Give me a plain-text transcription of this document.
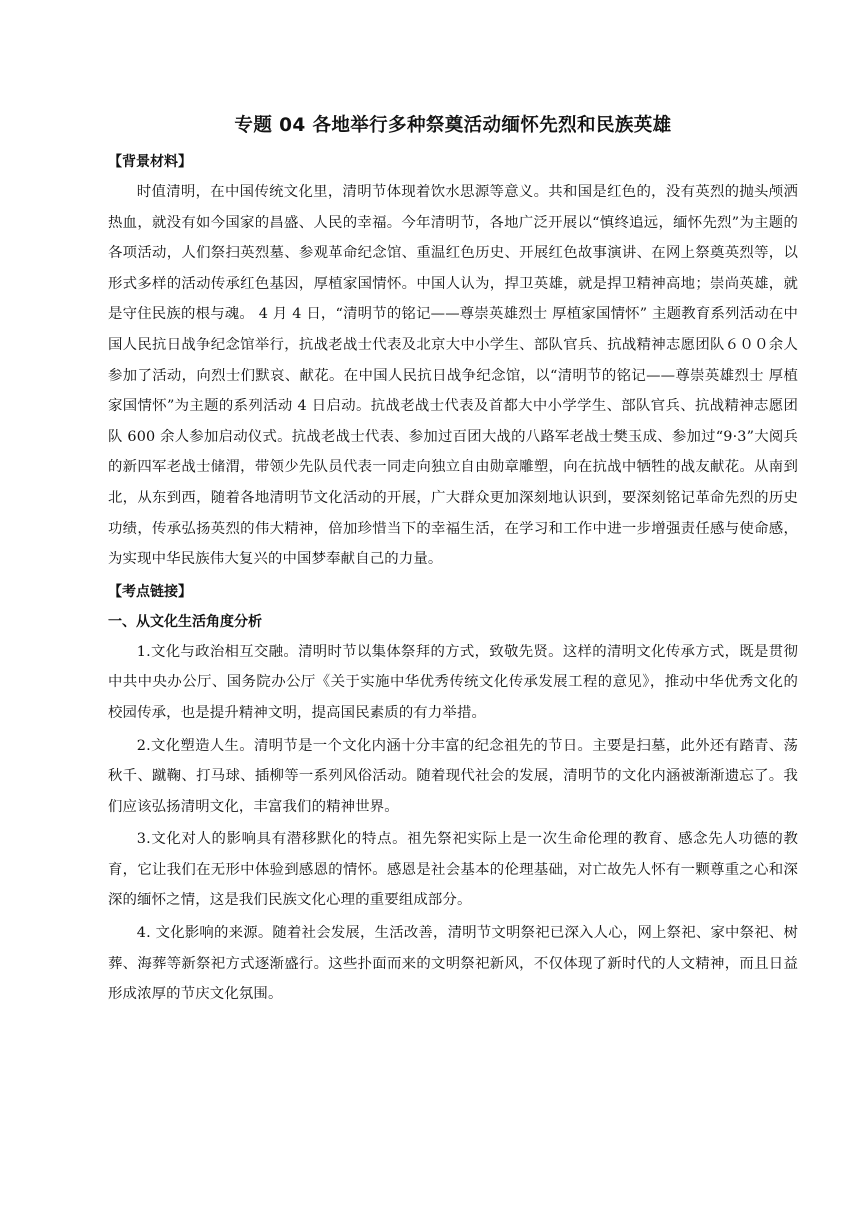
专题 04 各地举行多种祭奠活动缅怀先烈和民族英雄

【背景材料】

时值清明，在中国传统文化里，清明节体现着饮水思源等意义。共和国是红色的，没有英烈的抛头颅洒热血，就没有如今国家的昌盛、人民的幸福。今年清明节，各地广泛开展以“慎终追远，缅怀先烈”为主题的各项活动，人们祭扫英烈墓、参观革命纪念馆、重温红色历史、开展红色故事演讲、在网上祭奠英烈等，以形式多样的活动传承红色基因，厚植家国情怀。中国人认为，捍卫英雄，就是捍卫精神高地；崇尚英雄，就是守住民族的根与魂。 4 月 4 日，“清明节的铭记——尊崇英雄烈士 厚植家国情怀” 主题教育系列活动在中国人民抗日战争纪念馆举行，抗战老战士代表及北京大中小学生、部队官兵、抗战精神志愿团队６００余人参加了活动，向烈士们默哀、献花。在中国人民抗日战争纪念馆，以“清明节的铭记——尊崇英雄烈士 厚植家国情怀”为主题的系列活动 4 日启动。抗战老战士代表及首都大中小学学生、部队官兵、抗战精神志愿团队 600 余人参加启动仪式。抗战老战士代表、参加过百团大战的八路军老战士樊玉成、参加过“9·3”大阅兵的新四军老战士储渭，带领少先队员代表一同走向独立自由勋章雕塑，向在抗战中牺牲的战友献花。从南到北，从东到西，随着各地清明节文化活动的开展，广大群众更加深刻地认识到，要深刻铭记革命先烈的历史功绩，传承弘扬英烈的伟大精神，倍加珍惜当下的幸福生活，在学习和工作中进一步增强责任感与使命感，为实现中华民族伟大复兴的中国梦奉献自己的力量。

【考点链接】

一、从文化生活角度分析

1.文化与政治相互交融。清明时节以集体祭拜的方式，致敬先贤。这样的清明文化传承方式，既是贯彻中共中央办公厅、国务院办公厅《关于实施中华优秀传统文化传承发展工程的意见》，推动中华优秀文化的校园传承，也是提升精神文明，提高国民素质的有力举措。

2.文化塑造人生。清明节是一个文化内涵十分丰富的纪念祖先的节日。主要是扫墓，此外还有踏青、荡秋千、蹴鞠、打马球、插柳等一系列风俗活动。随着现代社会的发展，清明节的文化内涵被渐渐遗忘了。我们应该弘扬清明文化，丰富我们的精神世界。

3.文化对人的影响具有潜移默化的特点。祖先祭祀实际上是一次生命伦理的教育、感念先人功德的教育，它让我们在无形中体验到感恩的情怀。感恩是社会基本的伦理基础，对亡故先人怀有一颗尊重之心和深深的缅怀之情，这是我们民族文化心理的重要组成部分。

4. 文化影响的来源。随着社会发展，生活改善，清明节文明祭祀已深入人心，网上祭祀、家中祭祀、树葬、海葬等新祭祀方式逐渐盛行。这些扑面而来的文明祭祀新风，不仅体现了新时代的人文精神，而且日益形成浓厚的节庆文化氛围。
